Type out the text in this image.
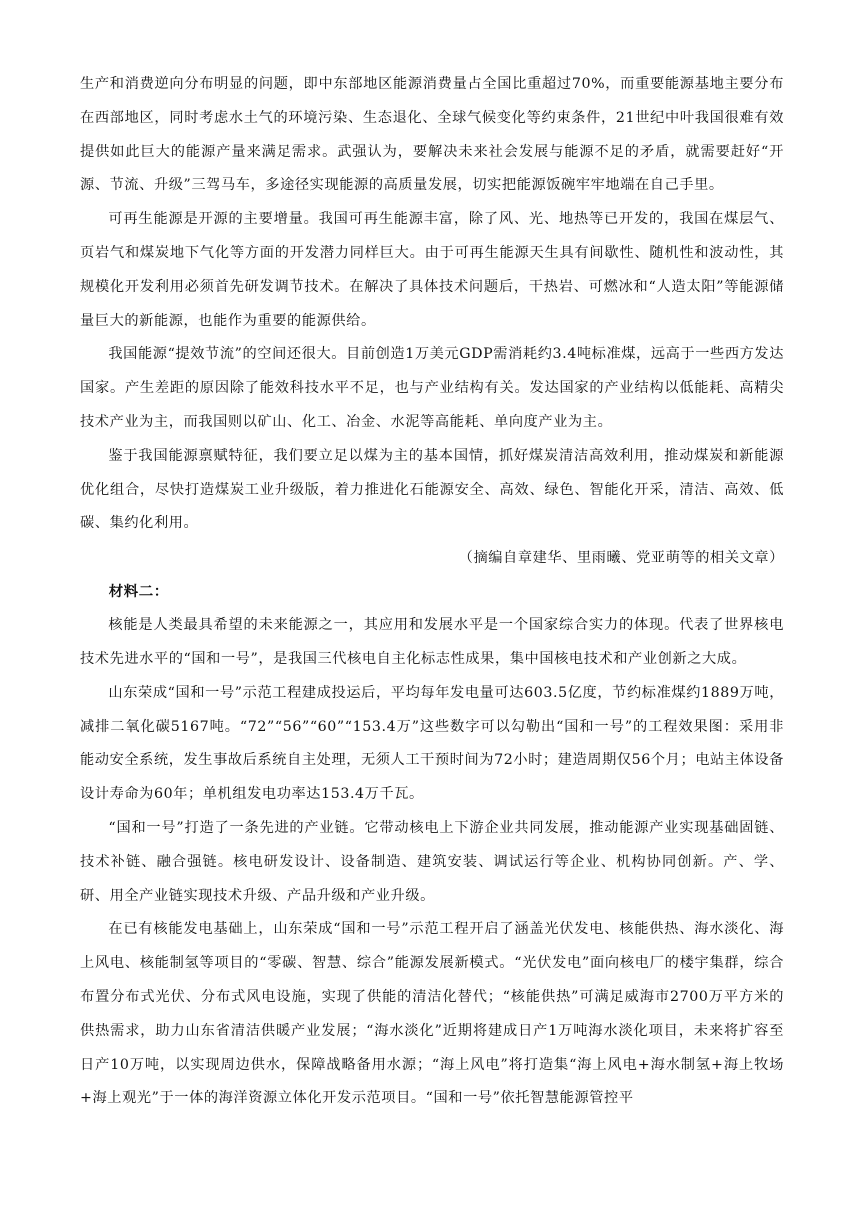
生产和消费逆向分布明显的问题，即中东部地区能源消费量占全国比重超过70%，而重要能源基地主要分布在西部地区，同时考虑水土气的环境污染、生态退化、全球气候变化等约束条件，21世纪中叶我国很难有效提供如此巨大的能源产量来满足需求。武强认为，要解决未来社会发展与能源不足的矛盾，就需要赶好“开源、节流、升级”三驾马车，多途径实现能源的高质量发展，切实把能源饭碗牢牢地端在自己手里。

可再生能源是开源的主要增量。我国可再生能源丰富，除了风、光、地热等已开发的，我国在煤层气、页岩气和煤炭地下气化等方面的开发潜力同样巨大。由于可再生能源天生具有间歇性、随机性和波动性，其规模化开发利用必须首先研发调节技术。在解决了具体技术问题后，干热岩、可燃冰和“人造太阳”等能源储量巨大的新能源，也能作为重要的能源供给。

我国能源“提效节流”的空间还很大。目前创造1万美元GDP需消耗约3.4吨标准煤，远高于一些西方发达国家。产生差距的原因除了能效科技水平不足，也与产业结构有关。发达国家的产业结构以低能耗、高精尖技术产业为主，而我国则以矿山、化工、冶金、水泥等高能耗、单向度产业为主。

鉴于我国能源禀赋特征，我们要立足以煤为主的基本国情，抓好煤炭清洁高效利用，推动煤炭和新能源优化组合，尽快打造煤炭工业升级版，着力推进化石能源安全、高效、绿色、智能化开采，清洁、高效、低碳、集约化利用。

（摘编自章建华、里雨曦、党亚萌等的相关文章）

材料二：

核能是人类最具希望的未来能源之一，其应用和发展水平是一个国家综合实力的体现。代表了世界核电技术先进水平的“国和一号”，是我国三代核电自主化标志性成果，集中国核电技术和产业创新之大成。

山东荣成“国和一号”示范工程建成投运后，平均每年发电量可达603.5亿度，节约标准煤约1889万吨，减排二氧化碳5167吨。“72”“56”“60”“153.4万”这些数字可以勾勒出“国和一号”的工程效果图：采用非能动安全系统，发生事故后系统自主处理，无须人工干预时间为72小时；建造周期仅56个月；电站主体设备设计寿命为60年；单机组发电功率达153.4万千瓦。

“国和一号”打造了一条先进的产业链。它带动核电上下游企业共同发展，推动能源产业实现基础固链、技术补链、融合强链。核电研发设计、设备制造、建筑安装、调试运行等企业、机构协同创新。产、学、研、用全产业链实现技术升级、产品升级和产业升级。

在已有核能发电基础上，山东荣成“国和一号”示范工程开启了涵盖光伏发电、核能供热、海水淡化、海上风电、核能制氢等项目的“零碳、智慧、综合”能源发展新模式。“光伏发电”面向核电厂的楼宇集群，综合布置分布式光伏、分布式风电设施，实现了供能的清洁化替代；“核能供热”可满足威海市2700万平方米的供热需求，助力山东省清洁供暖产业发展；“海水淡化”近期将建成日产1万吨海水淡化项目，未来将扩容至日产10万吨，以实现周边供水，保障战略备用水源；“海上风电”将打造集“海上风电+海水制氢+海上牧场+海上观光”于一体的海洋资源立体化开发示范项目。“国和一号”依托智慧能源管控平
